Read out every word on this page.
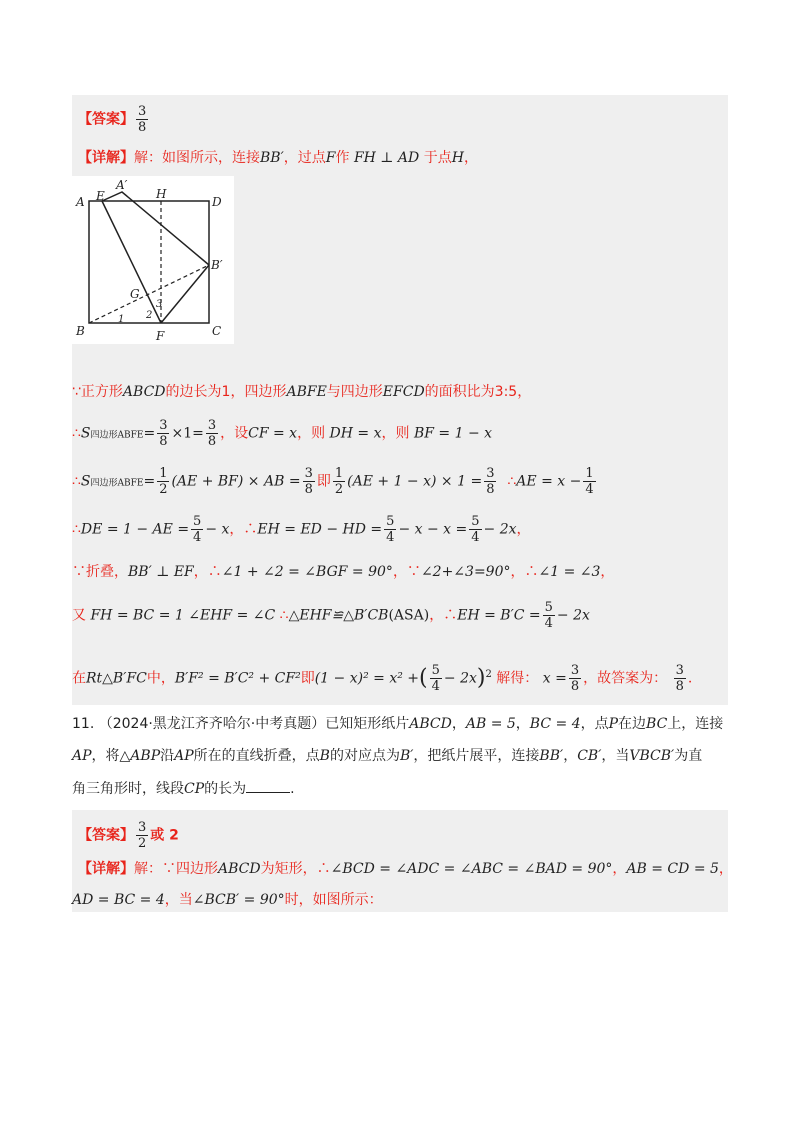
【答案】 $\frac{3}{8}$
【详解】解：如图所示，连接BB′，过点F作 FH ⊥ AD 于点H，
A E
A′
H
D
B′
G
3
1 2
B	F	C
∵正方形ABCD的边长为1，四边形ABFE与四边形EFCD的面积比为3:5，
∴S四边形ABFE= $\frac{3}{8} \times 1= \frac{3}{8}$ ，设CF = x，则 DH = x，则 BF = 1 − x
∴S四边形ABFE= $\frac{1}{2} (AE + BF)$ × AB = $\frac{3}{8}$ 即 $\frac{1}{2} (AE + 1 - x) \times 1 = \frac{3}{8}$ ∴AE = $x - \frac{1}{4}$
∴DE = 1 − AE = $\frac{5}{4} - x$，∴EH = ED − HD = $\frac{5}{4} - x - x = \frac{5}{4} - 2x$，
∵折叠，BB′ ⊥ EF，∴∠1 + ∠2 = ∠BGF = 90°，∵∠2+∠3=90°，∴∠1 = ∠3，
又 FH = BC = 1 ∠EHF = ∠C ∴△EHF≌△B′CB(ASA)，∴EH = $B'C = \frac{5}{4} - 2x$
在Rt△B′FC中，B′F² = B′C² + CF²即(1 − x)² = x² +( $\frac{5}{4} - 2x)^2$ 解得： $x = \frac{3}{8}$ ，故答案为： $\frac{3}{8}$ .
11. （2024·黑龙江齐齐哈尔·中考真题）已知矩形纸片ABCD，AB = 5，BC = 4，点P在边BC上，连接
AP，将△ABP沿AP所在的直线折叠，点B的对应点为B′，把纸片展平，连接BB′，CB′，当VBCB′为直
角三角形时，线段CP的长为	.
【答案】 $\frac{3}{2}$ 或 2
【详解】解：∵四边形ABCD为矩形，∴∠BCD = ∠ADC = ∠ABC = ∠BAD = 90°，AB = CD = 5，
AD = BC = 4，当∠BCB′ = 90°时，如图所示：
